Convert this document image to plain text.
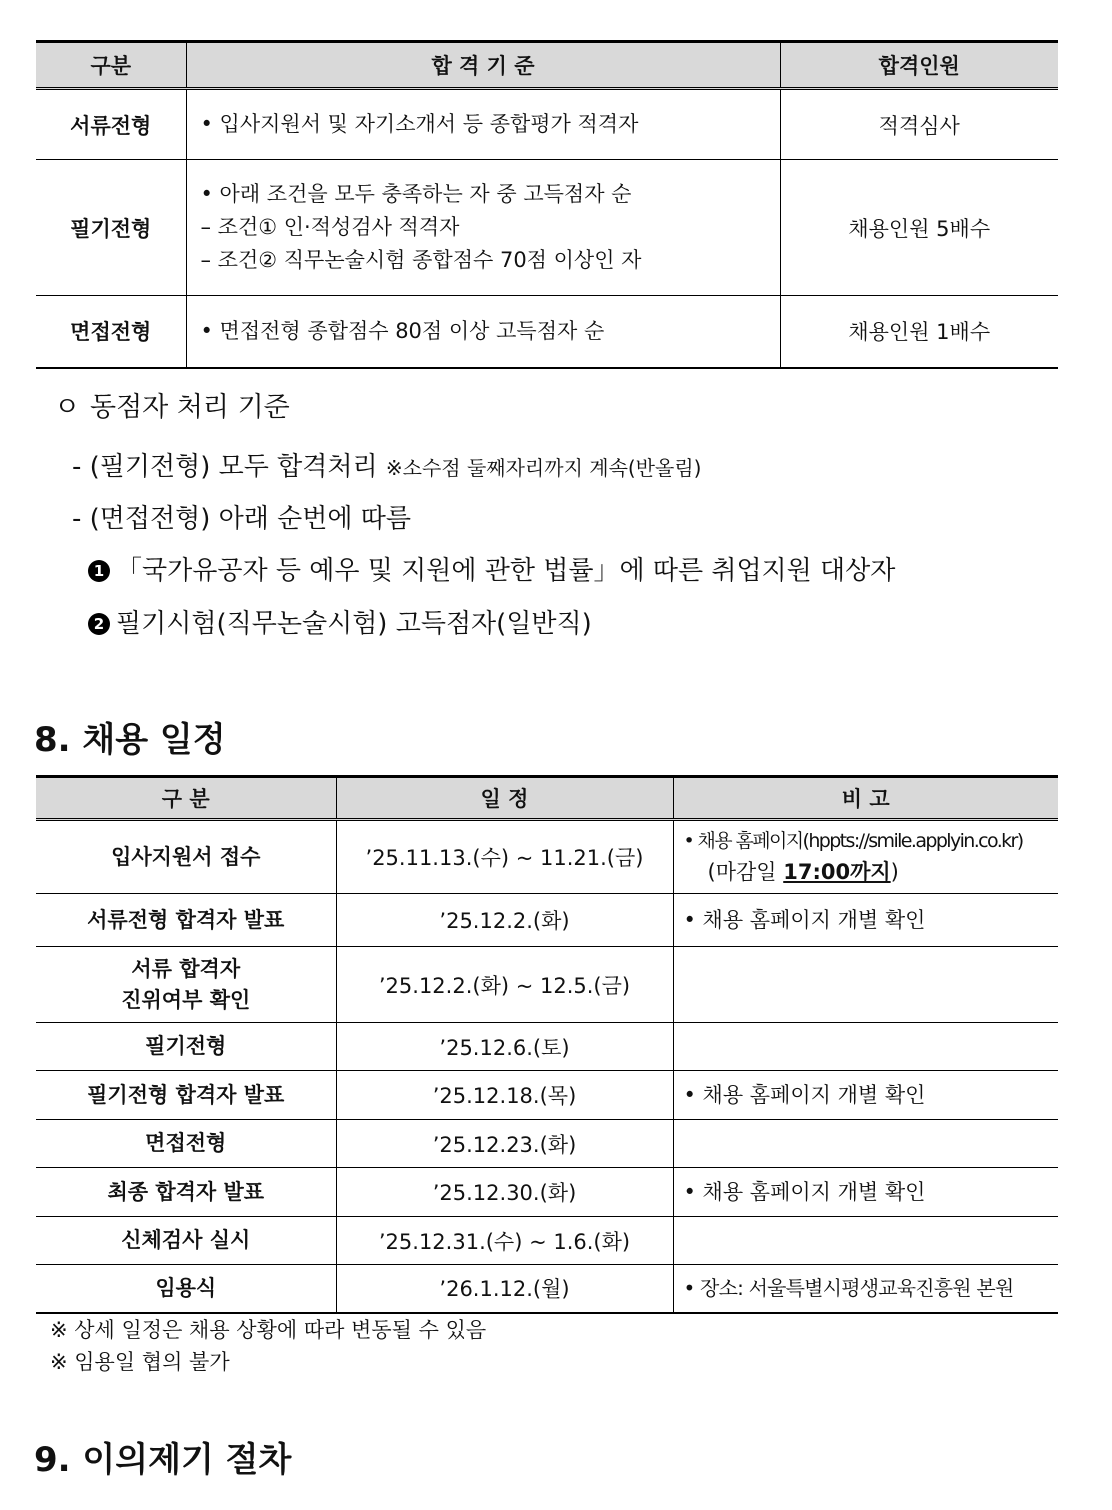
구분	합 격 기 준	합격인원
서류전형	• 입사지원서 및 자기소개서 등 종합평가 적격자	적격심사
필기전형	• 아래 조건을 모두 충족하는 자 중 고득점자 순
– 조건① 인·적성검사 적격자
– 조건② 직무논술시험 종합점수 70점 이상인 자	채용인원 5배수
면접전형	• 면접전형 종합점수 80점 이상 고득점자 순	채용인원 1배수
ㅇ 동점자 처리 기준
- (필기전형) 모두 합격처리 ※소수점 둘째자리까지 계속(반올림)
- (면접전형) 아래 순번에 따름
1 「국가유공자 등 예우 및 지원에 관한 법률」에 따른 취업지원 대상자
2 필기시험(직무논술시험) 고득점자(일반직)
8. 채용 일정
구 분	일 정	비 고
입사지원서 접수	’25.11.13.(수) ~ 11.21.(금)	• 채용 홈페이지(hppts://smile.applyin.co.kr)
(마감일 17:00까지)

서류전형 합격자 발표	’25.12.2.(화)	• 채용 홈페이지 개별 확인

서류 합격자
진위여부 확인	’25.12.2.(화) ~ 12.5.(금)	
필기전형	’25.12.6.(토)	
필기전형 합격자 발표	’25.12.18.(목)	• 채용 홈페이지 개별 확인
면접전형	’25.12.23.(화)	
최종 합격자 발표	’25.12.30.(화)	• 채용 홈페이지 개별 확인
신체검사 실시	’25.12.31.(수) ~ 1.6.(화)	
임용식	’26.1.12.(월)	• 장소: 서울특별시평생교육진흥원 본원
※ 상세 일정은 채용 상황에 따라 변동될 수 있음
※ 임용일 협의 불가
9. 이의제기 절차
